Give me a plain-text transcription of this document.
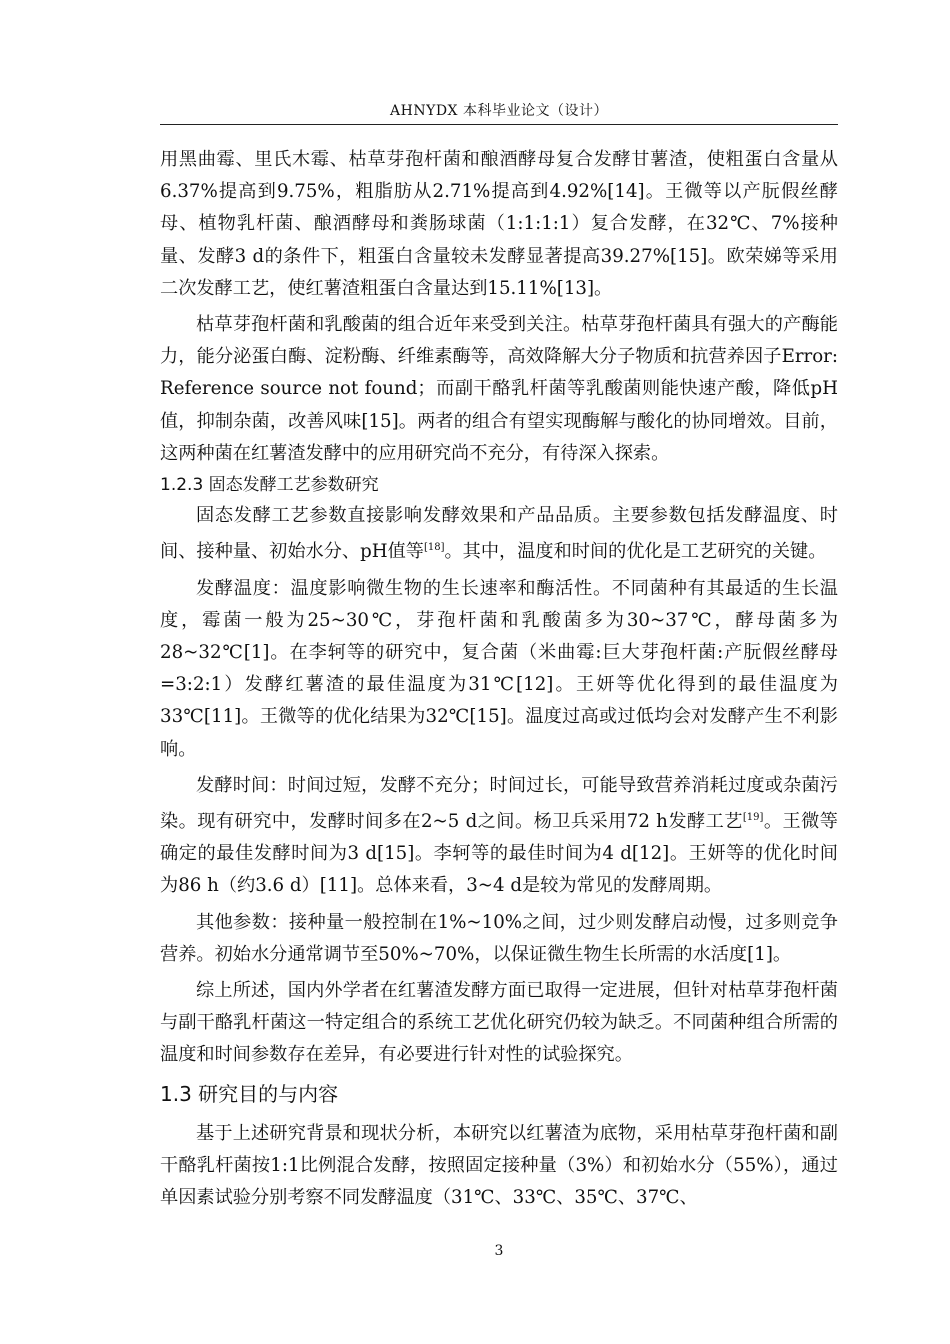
AHNYDX 本科毕业论文（设计）

用黑曲霉、里氏木霉、枯草芽孢杆菌和酿酒酵母复合发酵甘薯渣，使粗蛋白含量从6.37%提高到9.75%，粗脂肪从2.71%提高到4.92%[14]。王微等以产朊假丝酵母、植物乳杆菌、酿酒酵母和粪肠球菌（1:1:1:1）复合发酵，在32℃、7%接种量、发酵3 d的条件下，粗蛋白含量较未发酵显著提高39.27%[15]。欧荣娣等采用二次发酵工艺，使红薯渣粗蛋白含量达到15.11%[13]。

枯草芽孢杆菌和乳酸菌的组合近年来受到关注。枯草芽孢杆菌具有强大的产酶能力，能分泌蛋白酶、淀粉酶、纤维素酶等，高效降解大分子物质和抗营养因子Error: Reference source not found；而副干酪乳杆菌等乳酸菌则能快速产酸，降低pH值，抑制杂菌，改善风味[15]。两者的组合有望实现酶解与酸化的协同增效。目前，这两种菌在红薯渣发酵中的应用研究尚不充分，有待深入探索。

1.2.3 固态发酵工艺参数研究

固态发酵工艺参数直接影响发酵效果和产品品质。主要参数包括发酵温度、时间、接种量、初始水分、pH值等[18]。其中，温度和时间的优化是工艺研究的关键。

发酵温度：温度影响微生物的生长速率和酶活性。不同菌种有其最适的生长温度，霉菌一般为25~30℃，芽孢杆菌和乳酸菌多为30~37℃，酵母菌多为28~32℃[1]。在李轲等的研究中，复合菌（米曲霉:巨大芽孢杆菌:产朊假丝酵母=3:2:1）发酵红薯渣的最佳温度为31℃[12]。王妍等优化得到的最佳温度为33℃[11]。王微等的优化结果为32℃[15]。温度过高或过低均会对发酵产生不利影响。

发酵时间：时间过短，发酵不充分；时间过长，可能导致营养消耗过度或杂菌污染。现有研究中，发酵时间多在2~5 d之间。杨卫兵采用72 h发酵工艺[19]。王微等确定的最佳发酵时间为3 d[15]。李轲等的最佳时间为4 d[12]。王妍等的优化时间为86 h（约3.6 d）[11]。总体来看，3~4 d是较为常见的发酵周期。

其他参数：接种量一般控制在1%~10%之间，过少则发酵启动慢，过多则竞争营养。初始水分通常调节至50%~70%，以保证微生物生长所需的水活度[1]。

综上所述，国内外学者在红薯渣发酵方面已取得一定进展，但针对枯草芽孢杆菌与副干酪乳杆菌这一特定组合的系统工艺优化研究仍较为缺乏。不同菌种组合所需的温度和时间参数存在差异，有必要进行针对性的试验探究。

1.3 研究目的与内容

基于上述研究背景和现状分析，本研究以红薯渣为底物，采用枯草芽孢杆菌和副干酪乳杆菌按1:1比例混合发酵，按照固定接种量（3%）和初始水分（55%），通过单因素试验分别考察不同发酵温度（31℃、33℃、35℃、37℃、

3
